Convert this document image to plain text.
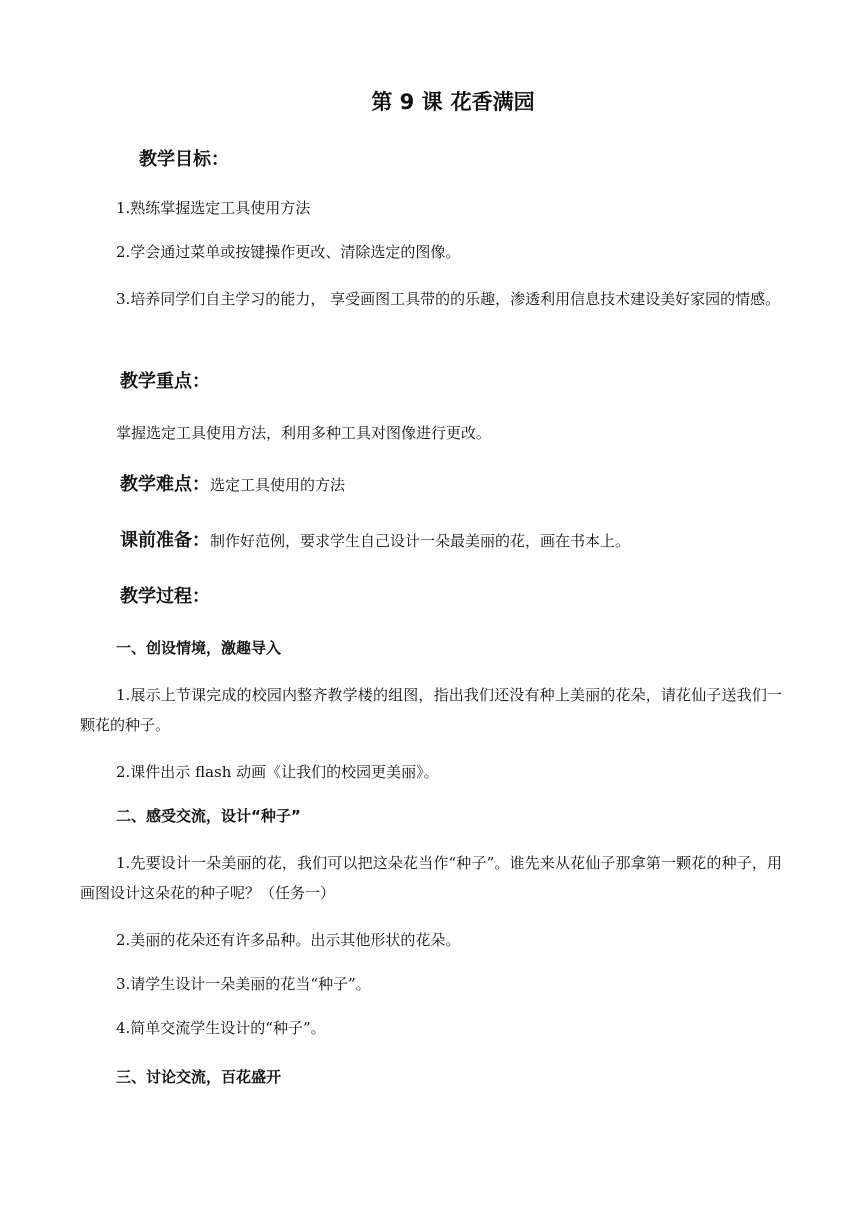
第 9 课 花香满园
教学目标：
1.熟练掌握选定工具使用方法
2.学会通过菜单或按键操作更改、清除选定的图像。
3.培养同学们自主学习的能力， 享受画图工具带的的乐趣，渗透利用信息技术建设美好家园的情感。
教学重点：
掌握选定工具使用方法，利用多种工具对图像进行更改。
教学难点：选定工具使用的方法
课前准备：制作好范例，要求学生自己设计一朵最美丽的花，画在书本上。
教学过程：
一、创设情境，激趣导入
1.展示上节课完成的校园内整齐教学楼的组图，指出我们还没有种上美丽的花朵，请花仙子送我们一颗花的种子。
2.课件出示 flash 动画《让我们的校园更美丽》。
二、感受交流，设计“种子”
1.先要设计一朵美丽的花，我们可以把这朵花当作“种子”。谁先来从花仙子那拿第一颗花的种子，用画图设计这朵花的种子呢？（任务一）
2.美丽的花朵还有许多品种。出示其他形状的花朵。
3.请学生设计一朵美丽的花当“种子”。
4.简单交流学生设计的“种子”。
三、讨论交流，百花盛开
